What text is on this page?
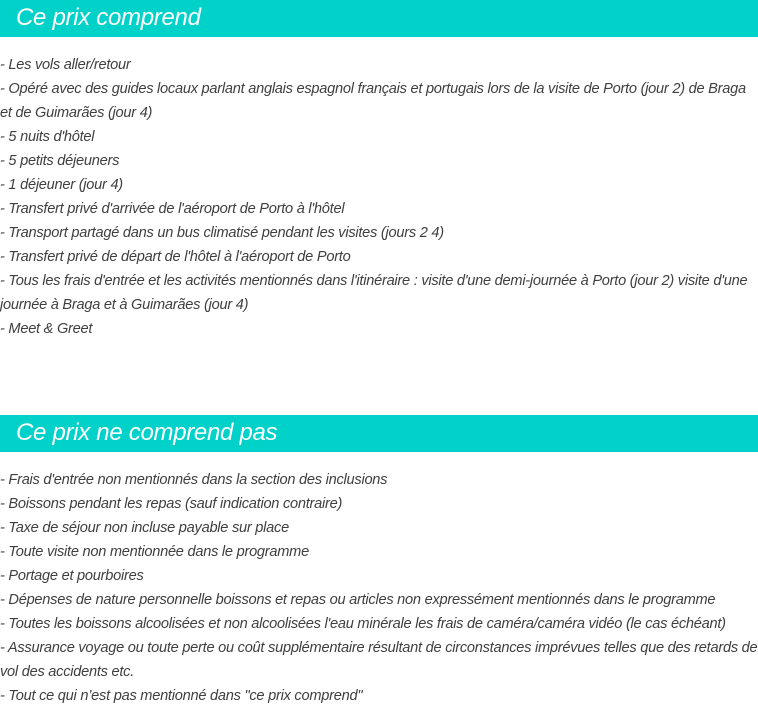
Ce prix comprend
- Les vols aller/retour
- Opéré avec des guides locaux parlant anglais espagnol français et portugais lors de la visite de Porto (jour 2) de Braga et de Guimarães (jour 4)
- 5 nuits d'hôtel
- 5 petits déjeuners
- 1 déjeuner (jour 4)
- Transfert privé d'arrivée de l'aéroport de Porto à l'hôtel
- Transport partagé dans un bus climatisé pendant les visites (jours 2 4)
- Transfert privé de départ de l'hôtel à l'aéroport de Porto
- Tous les frais d'entrée et les activités mentionnés dans l'itinéraire : visite d'une demi-journée à Porto (jour 2) visite d'une journée à Braga et à Guimarães (jour 4)
- Meet & Greet
Ce prix ne comprend pas
- Frais d'entrée non mentionnés dans la section des inclusions
- Boissons pendant les repas (sauf indication contraire)
- Taxe de séjour non incluse payable sur place
- Toute visite non mentionnée dans le programme
- Portage et pourboires
- Dépenses de nature personnelle boissons et repas ou articles non expressément mentionnés dans le programme
- Toutes les boissons alcoolisées et non alcoolisées l'eau minérale les frais de caméra/caméra vidéo (le cas échéant)
- Assurance voyage ou toute perte ou coût supplémentaire résultant de circonstances imprévues telles que des retards de vol des accidents etc.
- Tout ce qui n’est pas mentionné dans "ce prix comprend"
